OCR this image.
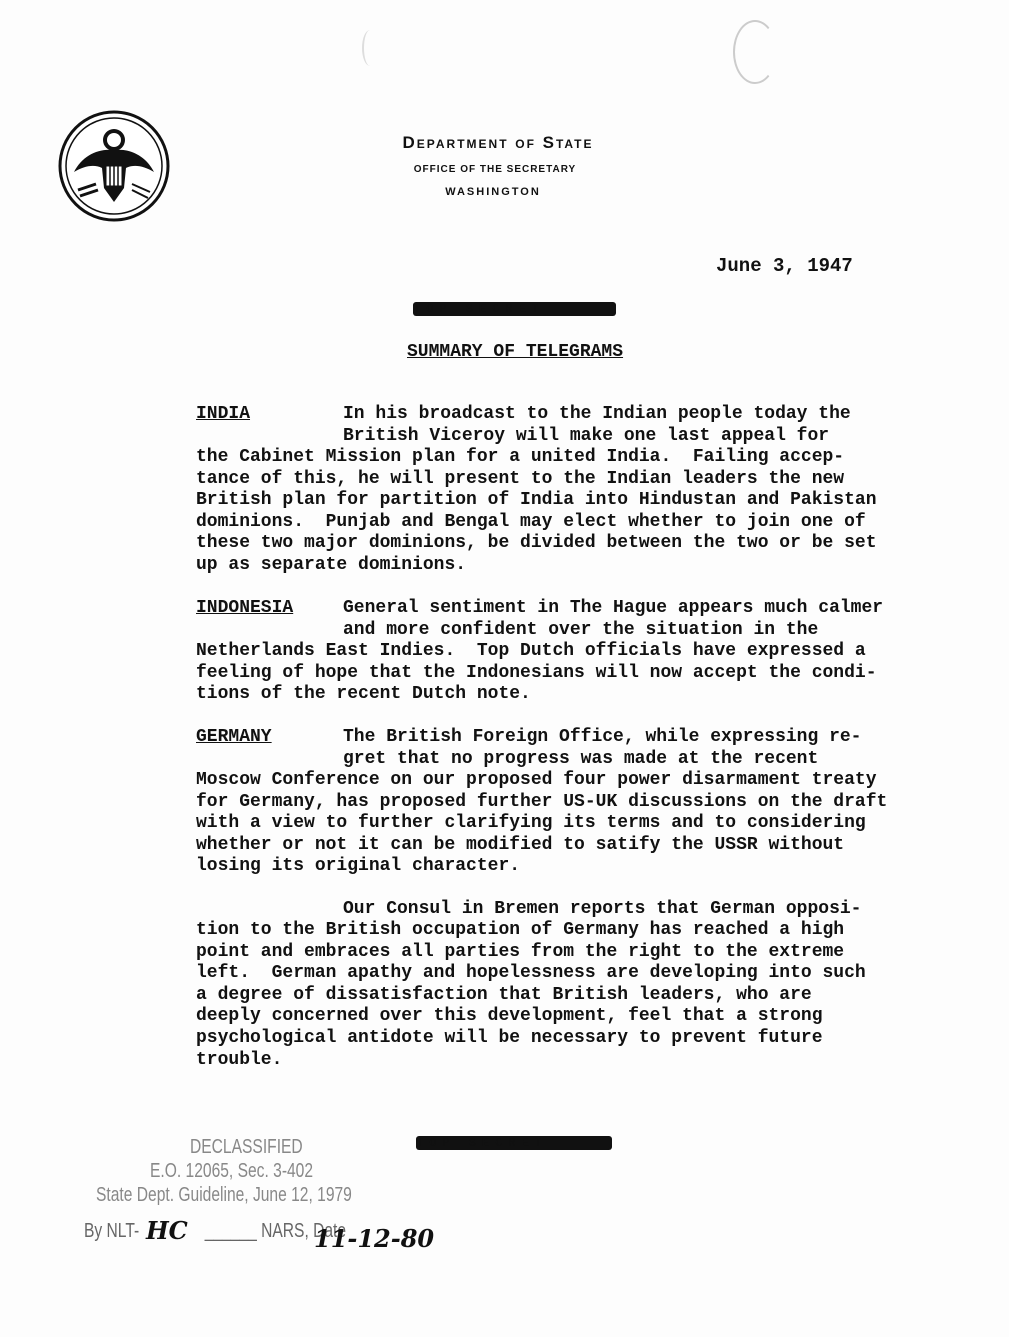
Department of State
OFFICE OF THE SECRETARY
WASHINGTON
June 3, 1947
TOP SECRET
SUMMARY OF TELEGRAMS
INDIA	In his broadcast to the Indian people today the
British Viceroy will make one last appeal for
the Cabinet Mission plan for a united India.  Failing accep-
tance of this, he will present to the Indian leaders the new
British plan for partition of India into Hindustan and Pakistan
dominions.  Punjab and Bengal may elect whether to join one of
these two major dominions, be divided between the two or be set
up as separate dominions.
INDONESIA	General sentiment in The Hague appears much calmer
and more confident over the situation in the
Netherlands East Indies.  Top Dutch officials have expressed a
feeling of hope that the Indonesians will now accept the condi-
tions of the recent Dutch note.
GERMANY	The British Foreign Office, while expressing re-
gret that no progress was made at the recent
Moscow Conference on our proposed four power disarmament treaty
for Germany, has proposed further US-UK discussions on the draft
with a view to further clarifying its terms and to considering
whether or not it can be modified to satify the USSR without
losing its original character.
Our Consul in Bremen reports that German opposi-
tion to the British occupation of Germany has reached a high
point and embraces all parties from the right to the extreme
left.  German apathy and hopelessness are developing into such
a degree of dissatisfaction that British leaders, who are
deeply concerned over this development, feel that a strong
psychological antidote will be necessary to prevent future
trouble.
TOP SECRET
DECLASSIFIED
E.O. 12065, Sec. 3-402
State Dept. Guideline, June 12, 1979
By NLT-	______ NARS, Date
HC	11-12-80
